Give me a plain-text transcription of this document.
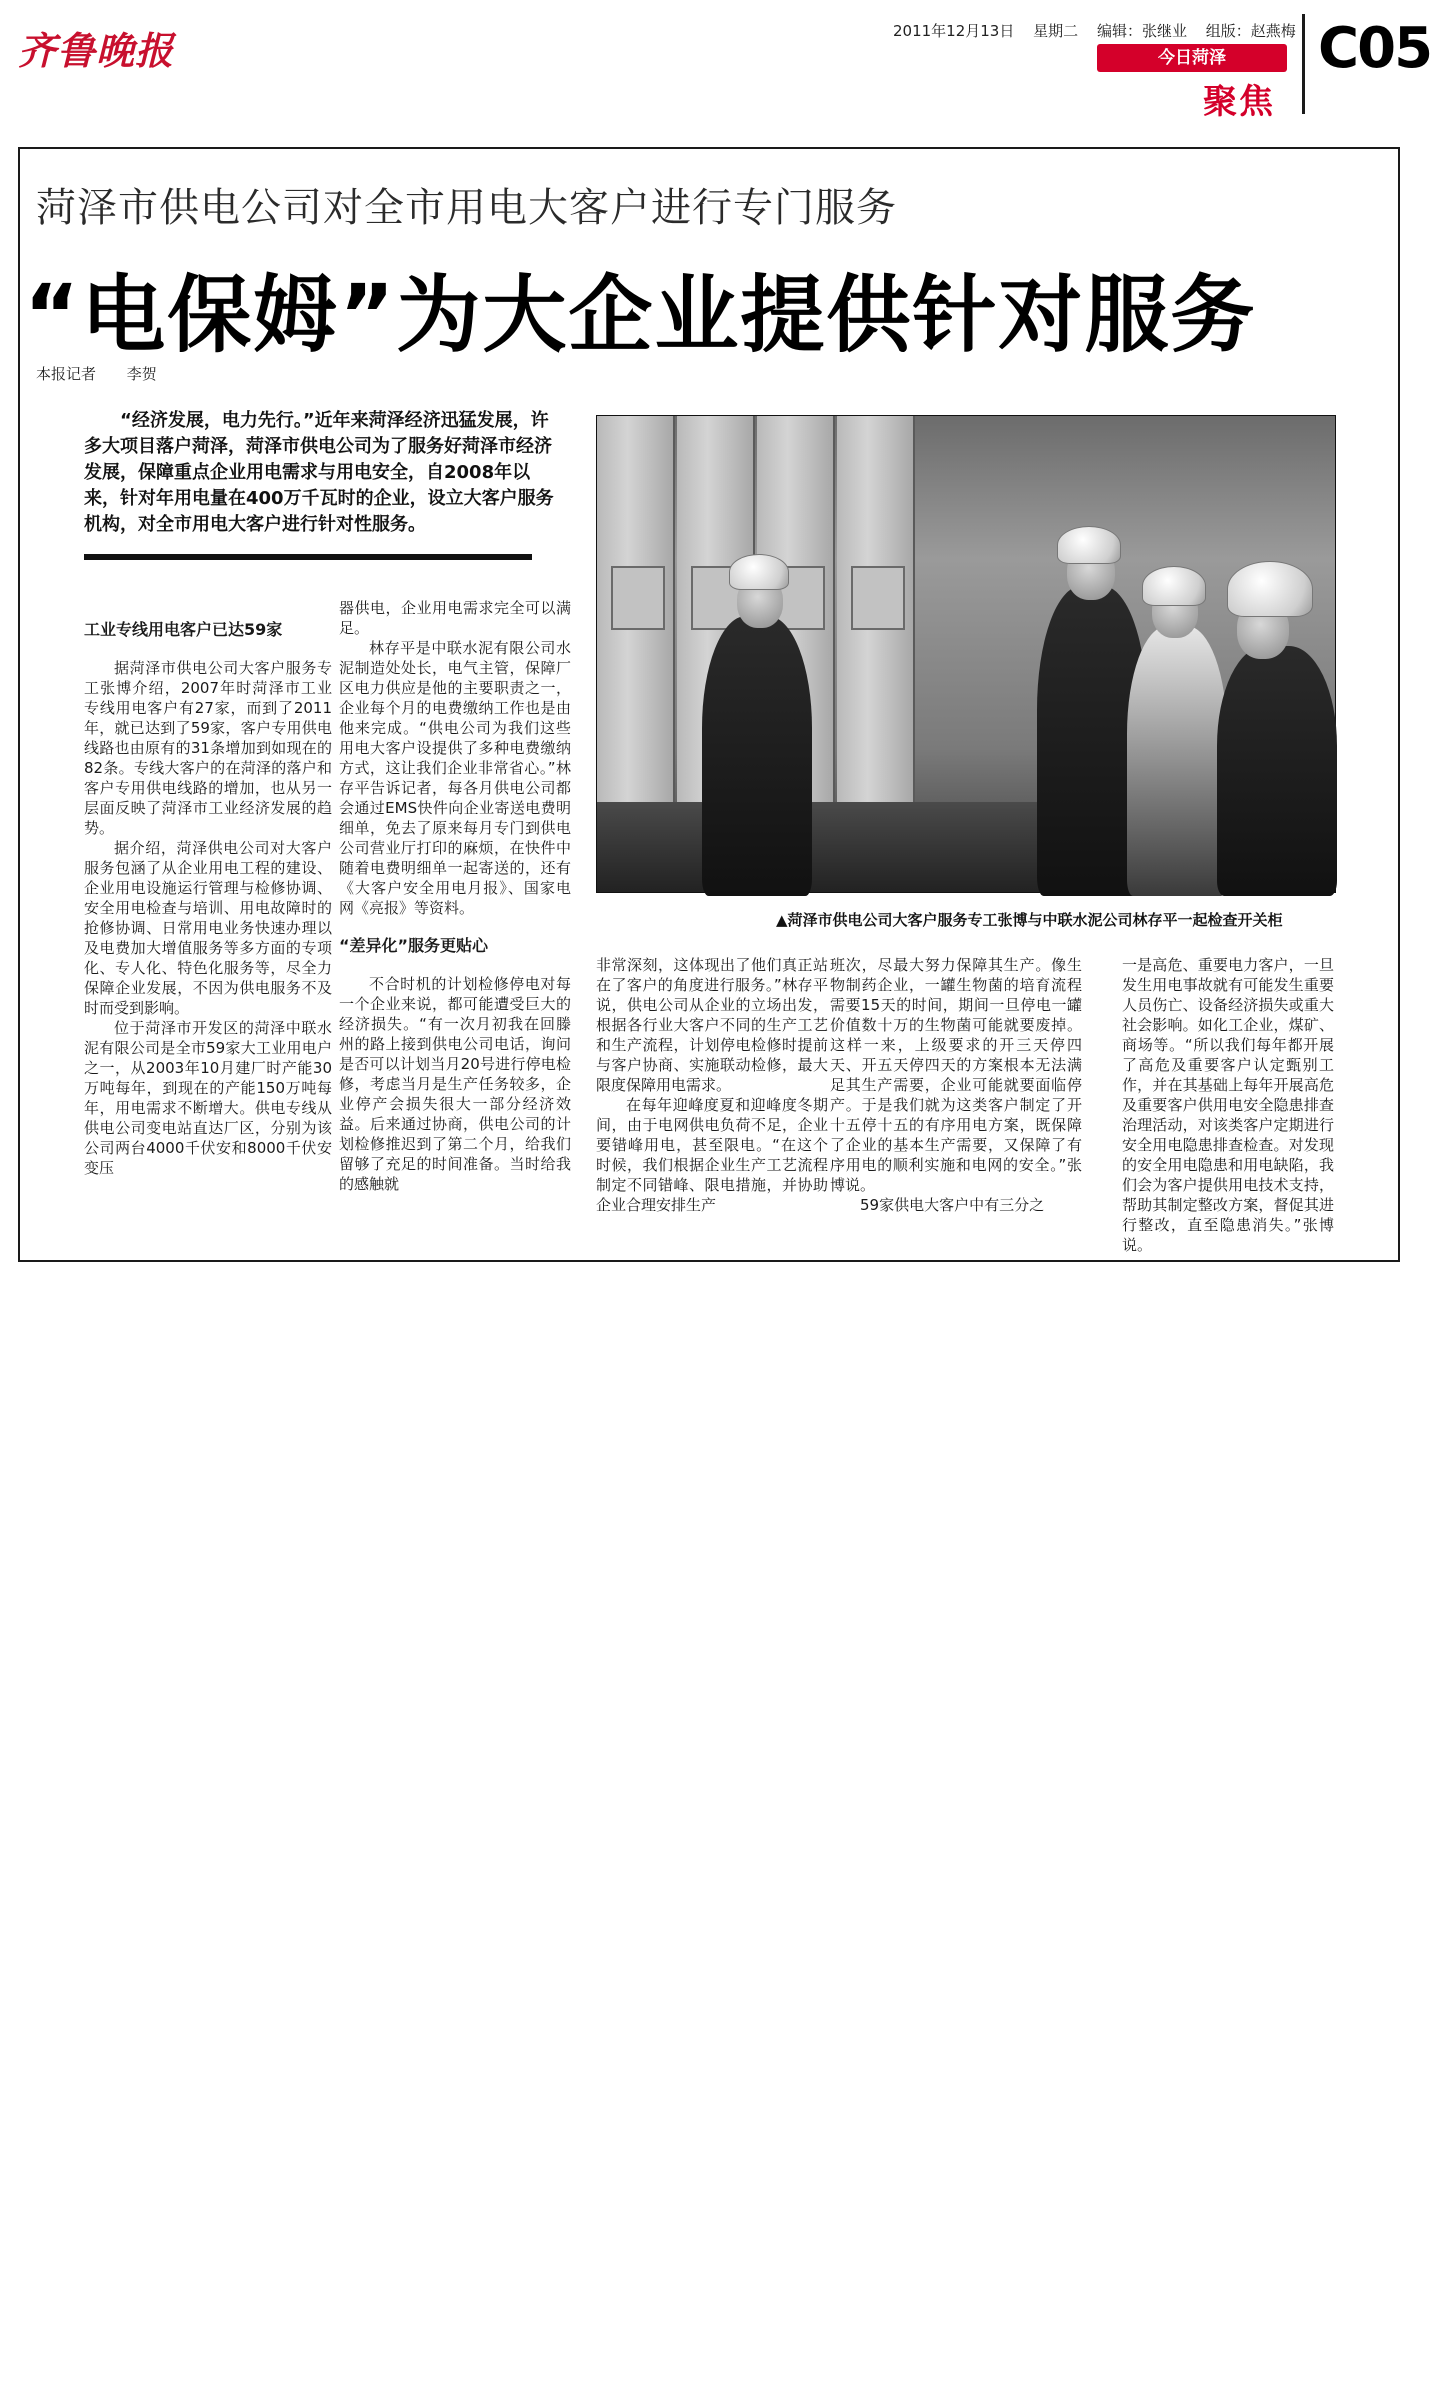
齐鲁晚报	2011年12月13日 星期二 编辑：张继业 组版：赵燕梅
今日菏泽
聚焦
C05
菏泽市供电公司对全市用电大客户进行专门服务
“电保姆”为大企业提供针对服务
本报记者 李贺
“经济发展，电力先行。”近年来菏泽经济迅猛发展，许多大项目落户菏泽，菏泽市供电公司为了服务好菏泽市经济发展，保障重点企业用电需求与用电安全，自2008年以来，针对年用电量在400万千瓦时的企业，设立大客户服务机构，对全市用电大客户进行针对性服务。
▲菏泽市供电公司大客户服务专工张博与中联水泥公司林存平一起检查开关柜

工业专线用电客户已达59家

据菏泽市供电公司大客户服务专工张博介绍，2007年时菏泽市工业专线用电客户有27家，而到了2011年，就已达到了59家，客户专用供电线路也由原有的31条增加到如现在的82条。专线大客户的在菏泽的落户和客户专用供电线路的增加，也从另一层面反映了菏泽市工业经济发展的趋势。

据介绍，菏泽供电公司对大客户服务包涵了从企业用电工程的建设、企业用电设施运行管理与检修协调、安全用电检查与培训、用电故障时的抢修协调、日常用电业务快速办理以及电费加大增值服务等多方面的专项化、专人化、特色化服务等，尽全力保障企业发展，不因为供电服务不及时而受到影响。

位于菏泽市开发区的菏泽中联水泥有限公司是全市59家大工业用电户之一，从2003年10月建厂时产能30万吨每年，到现在的产能150万吨每年，用电需求不断增大。供电专线从供电公司变电站直达厂区，分别为该公司两台4000千伏安和8000千伏安变压

器供电，企业用电需求完全可以满足。

林存平是中联水泥有限公司水泥制造处处长，电气主管，保障厂区电力供应是他的主要职责之一，企业每个月的电费缴纳工作也是由他来完成。“供电公司为我们这些用电大客户设提供了多种电费缴纳方式，这让我们企业非常省心。”林存平告诉记者，每各月供电公司都会通过EMS快件向企业寄送电费明细单，免去了原来每月专门到供电公司营业厅打印的麻烦，在快件中随着电费明细单一起寄送的，还有《大客户安全用电月报》、国家电网《亮报》等资料。

“差异化”服务更贴心

不合时机的计划检修停电对每一个企业来说，都可能遭受巨大的经济损失。“有一次月初我在回滕州的路上接到供电公司电话，询问是否可以计划当月20号进行停电检修，考虑当月是生产任务较多，企业停产会损失很大一部分经济效益。后来通过协商，供电公司的计划检修推迟到了第二个月，给我们留够了充足的时间准备。当时给我的感触就

非常深刻，这体现出了他们真正站在了客户的角度进行服务。”林存平说，供电公司从企业的立场出发，根据各行业大客户不同的生产工艺和生产流程，计划停电检修时提前与客户协商、实施联动检修，最大限度保障用电需求。

在每年迎峰度夏和迎峰度冬期间，由于电网供电负荷不足，企业要错峰用电，甚至限电。“在这个时候，我们根据企业生产工艺流程制定不同错峰、限电措施，并协助企业合理安排生产

班次，尽最大努力保障其生产。像生物制药企业，一罐生物菌的培育流程需要15天的时间，期间一旦停电一罐价值数十万的生物菌可能就要废掉。这样一来，上级要求的开三天停四天、开五天停四天的方案根本无法满足其生产需要，企业可能就要面临停产。于是我们就为这类客户制定了开十五停十五的有序用电方案，既保障了企业的基本生产需要，又保障了有序用电的顺利实施和电网的安全。”张博说。

59家供电大客户中有三分之

一是高危、重要电力客户，一旦发生用电事故就有可能发生重要人员伤亡、设备经济损失或重大社会影响。如化工企业，煤矿、商场等。“所以我们每年都开展了高危及重要客户认定甄别工作，并在其基础上每年开展高危及重要客户供用电安全隐患排查治理活动，对该类客户定期进行安全用电隐患排查检查。对发现的安全用电隐患和用电缺陷，我们会为客户提供用电技术支持，帮助其制定整改方案，督促其进行整改，直至隐患消失。”张博说。
